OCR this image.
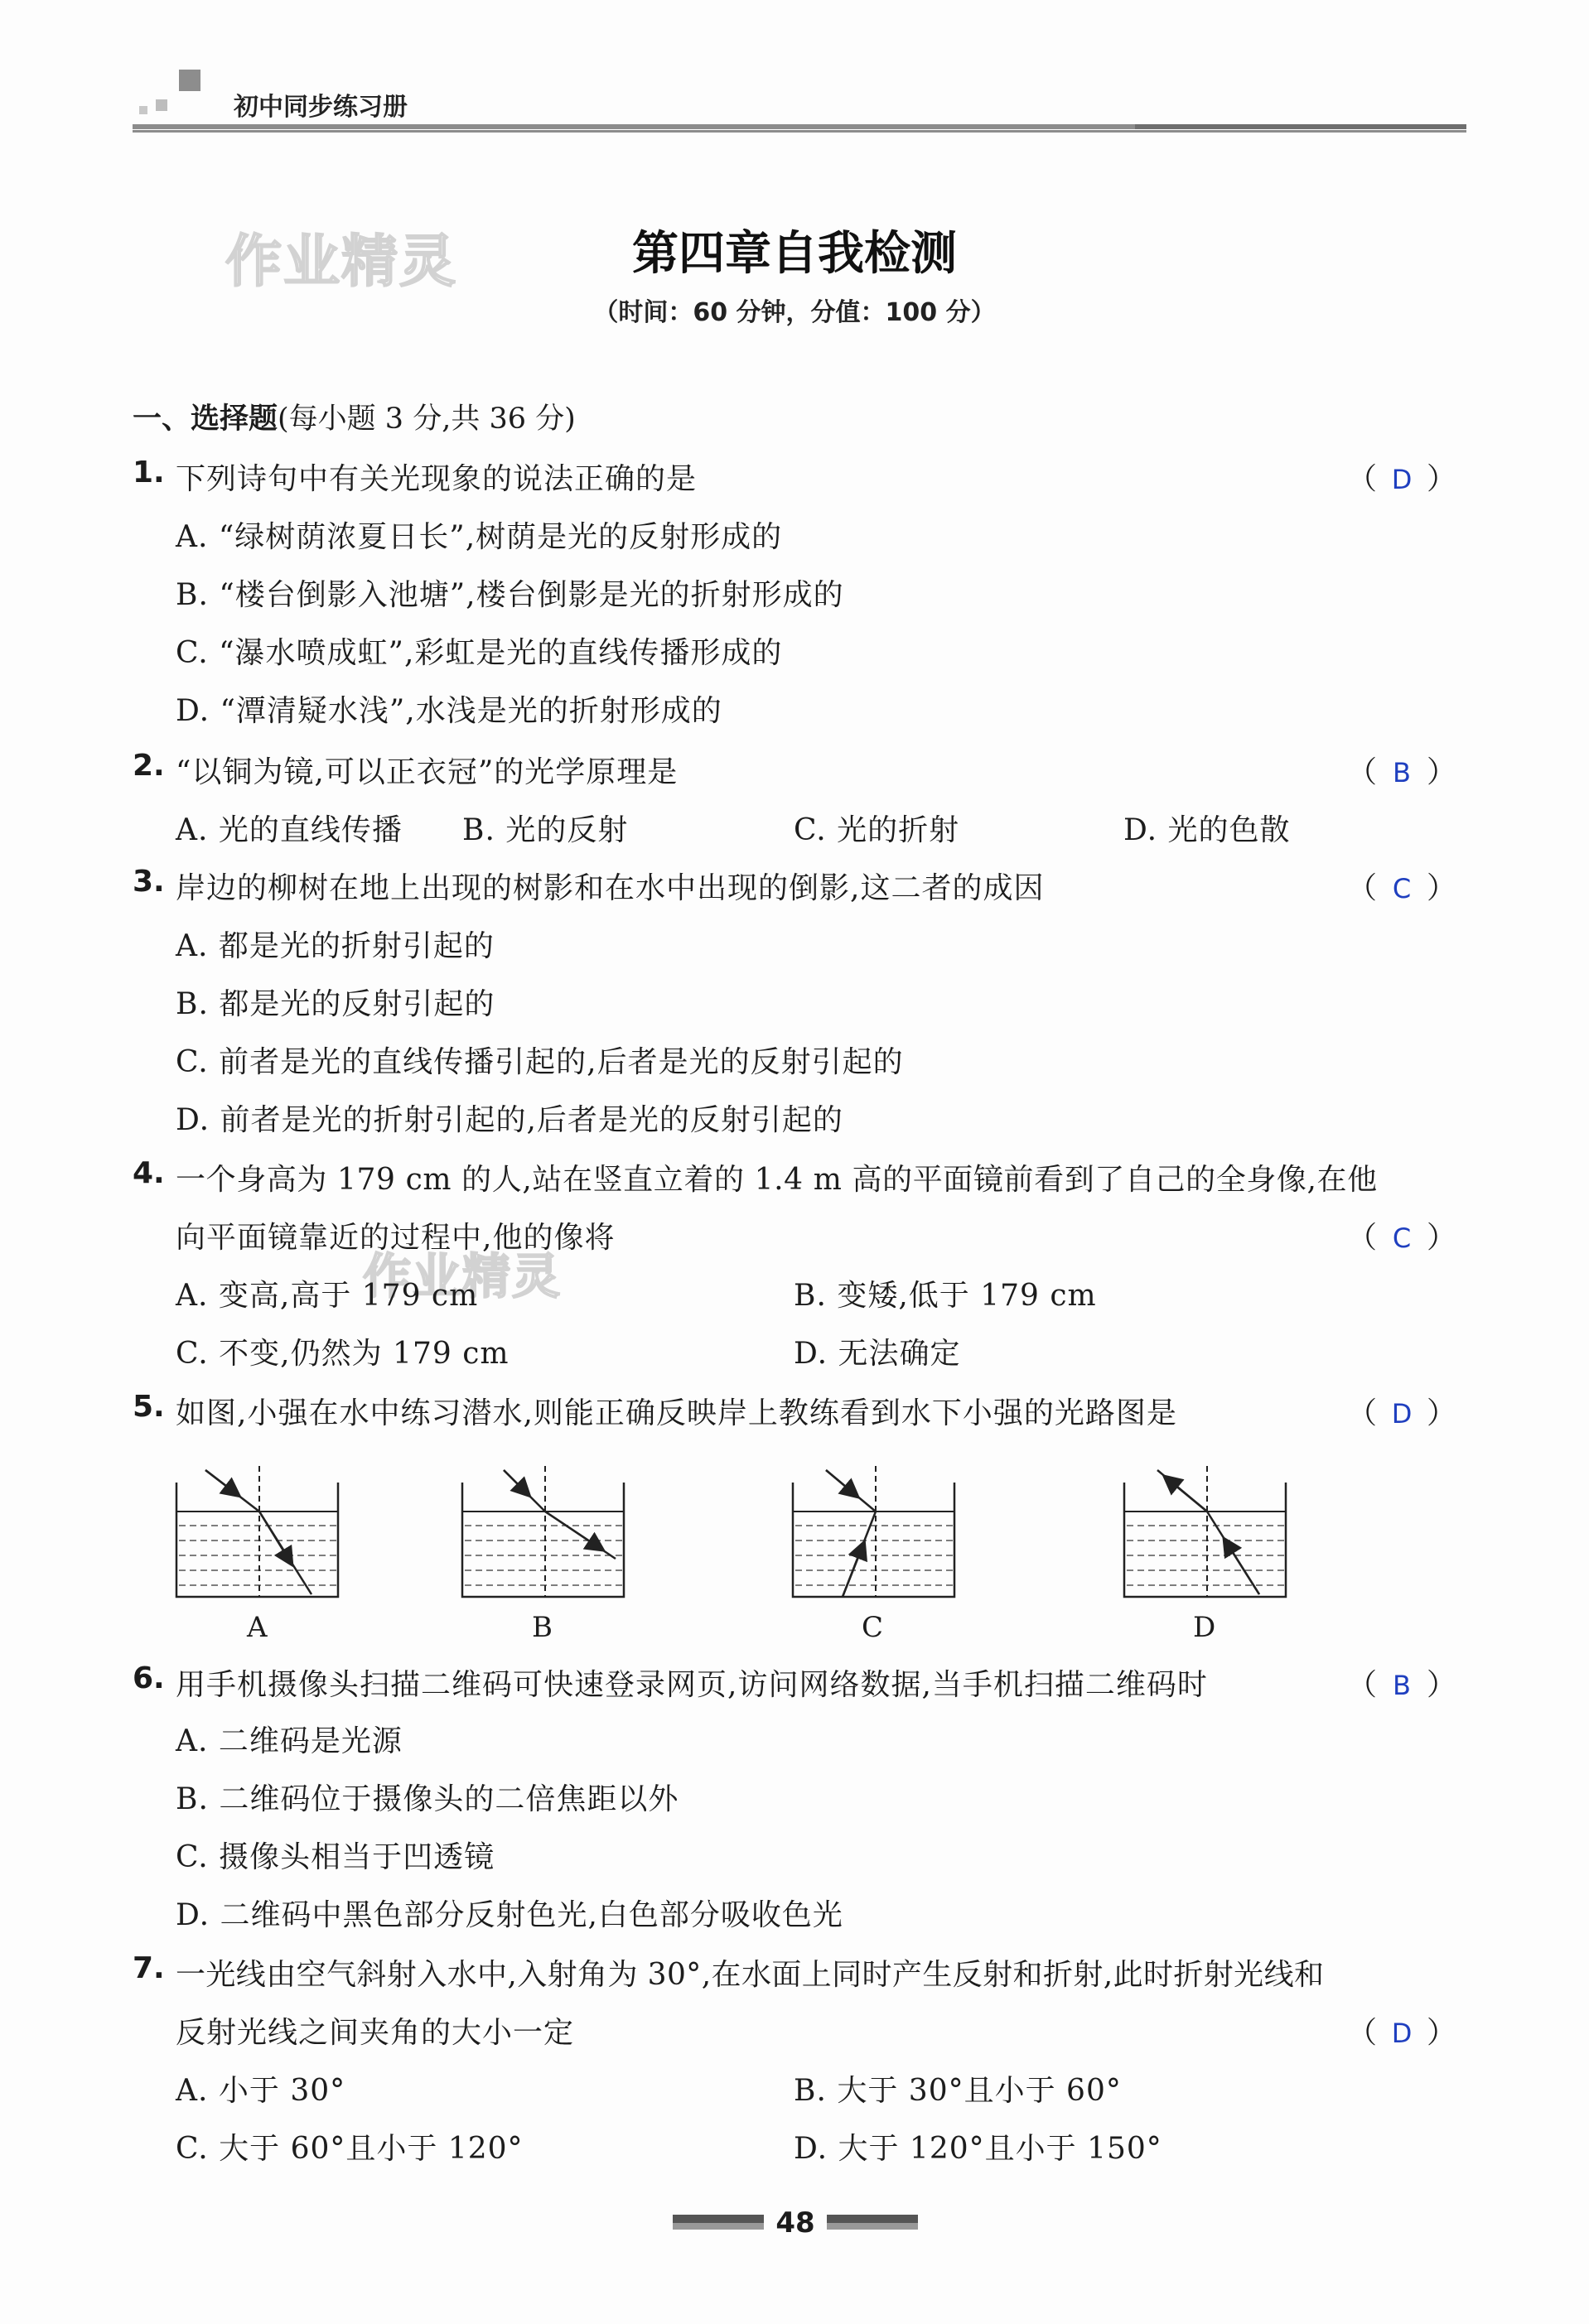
初中同步练习册
作业精灵
作业精灵
第四章自我检测
（时间：60 分钟，分值：100 分）
一、选择题(每小题 3 分,共 36 分)
1. 下列诗句中有关光现象的说法正确的是	（ D ）
A. “绿树荫浓夏日长”,树荫是光的反射形成的
B. “楼台倒影入池塘”,楼台倒影是光的折射形成的
C. “瀑水喷成虹”,彩虹是光的直线传播形成的
D. “潭清疑水浅”,水浅是光的折射形成的
2. “以铜为镜,可以正衣冠”的光学原理是	（ B ）
A. 光的直线传播 B. 光的反射	C. 光的折射	D. 光的色散
3. 岸边的柳树在地上出现的树影和在水中出现的倒影,这二者的成因	（ C ）
A. 都是光的折射引起的
B. 都是光的反射引起的
C. 前者是光的直线传播引起的,后者是光的反射引起的
D. 前者是光的折射引起的,后者是光的反射引起的
4. 一个身高为 179 cm 的人,站在竖直立着的 1.4 m 高的平面镜前看到了自己的全身像,在他
向平面镜靠近的过程中,他的像将	（ C ）
A. 变高,高于 179 cm	B. 变矮,低于 179 cm
C. 不变,仍然为 179 cm	D. 无法确定
5. 如图,小强在水中练习潜水,则能正确反映岸上教练看到水下小强的光路图是	（ D ）
A	B	C	D
6. 用手机摄像头扫描二维码可快速登录网页,访问网络数据,当手机扫描二维码时	（ B ）
A. 二维码是光源
B. 二维码位于摄像头的二倍焦距以外
C. 摄像头相当于凹透镜
D. 二维码中黑色部分反射色光,白色部分吸收色光
7. 一光线由空气斜射入水中,入射角为 30°,在水面上同时产生反射和折射,此时折射光线和
反射光线之间夹角的大小一定	（ D ）
A. 小于 30°	B. 大于 30°且小于 60°
C. 大于 60°且小于 120°	D. 大于 120°且小于 150°
48
